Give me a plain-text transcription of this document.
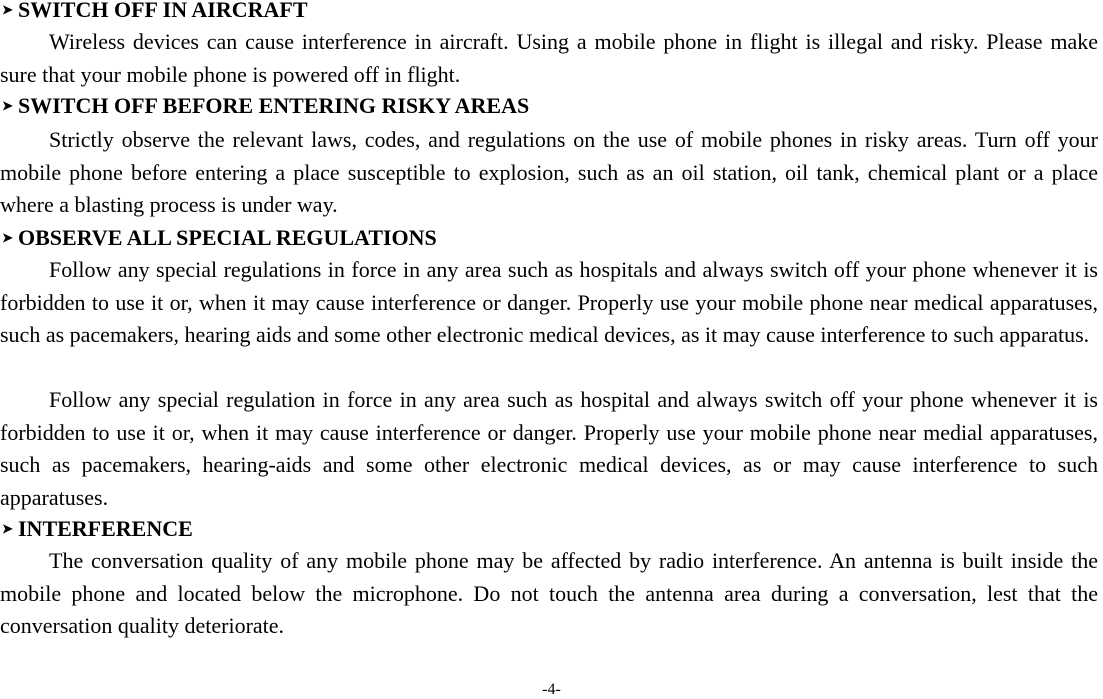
➤ SWITCH OFF IN AIRCRAFT

Wireless devices can cause interference in aircraft. Using a mobile phone in flight is illegal and risky. Please make sure that your mobile phone is powered off in flight.

➤ SWITCH OFF BEFORE ENTERING RISKY AREAS

Strictly observe the relevant laws, codes, and regulations on the use of mobile phones in risky areas. Turn off your mobile phone before entering a place susceptible to explosion, such as an oil station, oil tank, chemical plant or a place where a blasting process is under way.

➤ OBSERVE ALL SPECIAL REGULATIONS

Follow any special regulations in force in any area such as hospitals and always switch off your phone whenever it is forbidden to use it or, when it may cause interference or danger. Properly use your mobile phone near medical apparatuses, such as pacemakers, hearing aids and some other electronic medical devices, as it may cause interference to such apparatus.

Follow any special regulation in force in any area such as hospital and always switch off your phone whenever it is forbidden to use it or, when it may cause interference or danger. Properly use your mobile phone near medial apparatuses, such as pacemakers, hearing-aids and some other electronic medical devices, as or may cause interference to such apparatuses.

➤ INTERFERENCE

The conversation quality of any mobile phone may be affected by radio interference. An antenna is built inside the mobile phone and located below the microphone. Do not touch the antenna area during a conversation, lest that the conversation quality deteriorate.

-4-
